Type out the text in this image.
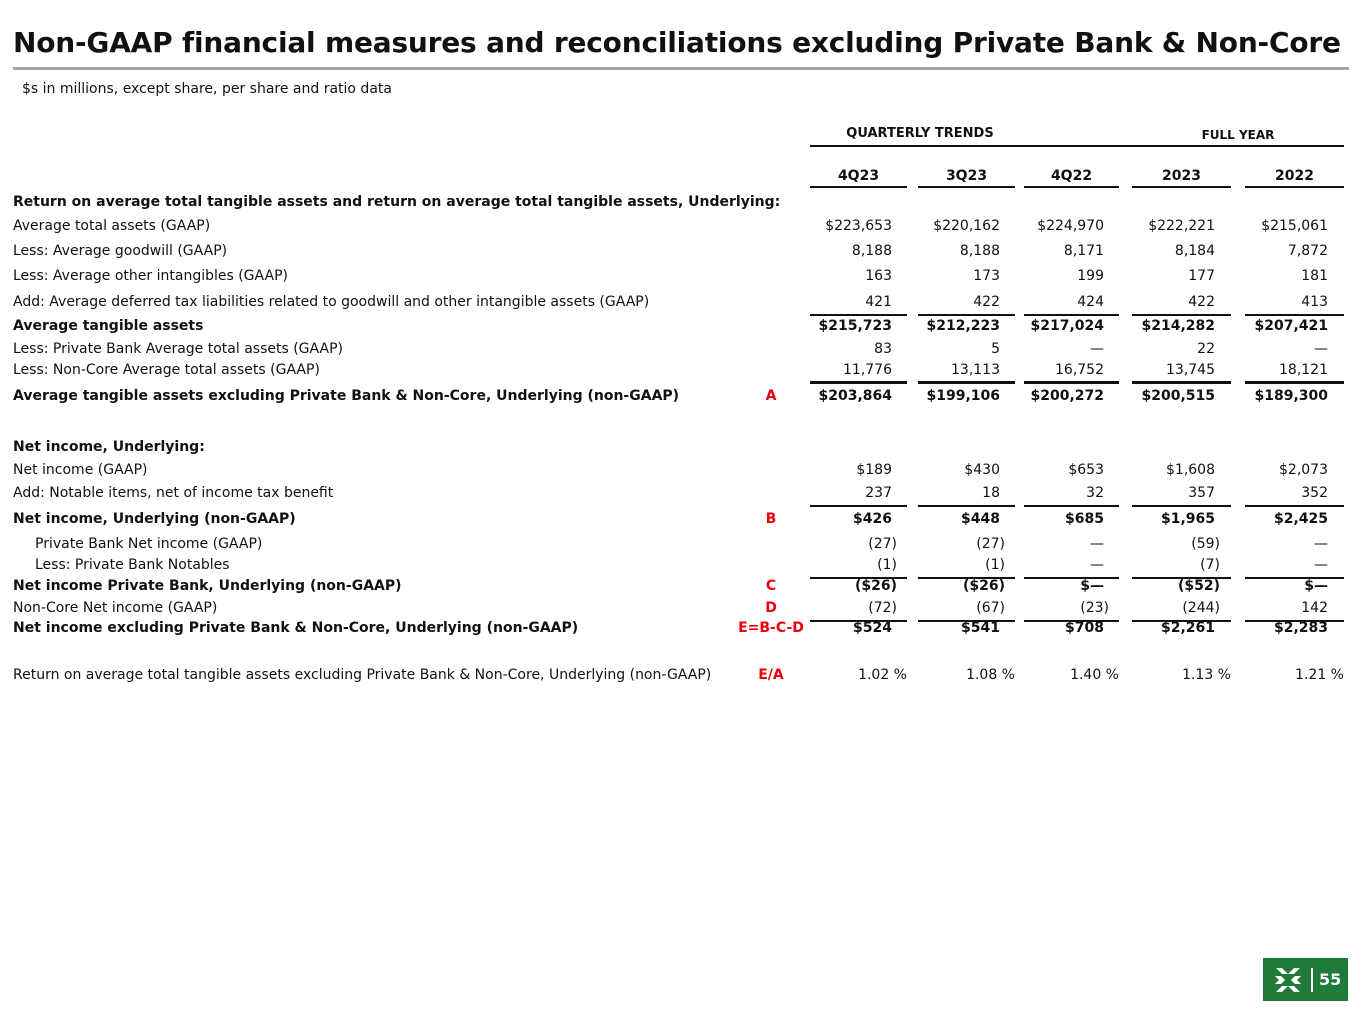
Non-GAAP financial measures and reconciliations excluding Private Bank & Non-Core
$s in millions, except share, per share and ratio data
QUARTERLY TRENDS	FULL YEAR
4Q23	3Q23	4Q22	2023	2022
Return on average total tangible assets and return on average total tangible assets, Underlying:
Average total assets (GAAP)	$223,653	$220,162	$224,970	$222,221	$215,061
Less: Average goodwill (GAAP)	8,188	8,188	8,171	8,184	7,872
Less: Average other intangibles (GAAP)	163	173	199	177	181
Add: Average deferred tax liabilities related to goodwill and other intangible assets (GAAP)	421	422	424	422	413
Average tangible assets	$215,723 $212,223 $217,024	$214,282	$207,421
Less: Private Bank Average total assets (GAAP)	83	5	—	22	—
Less: Non-Core Average total assets (GAAP)	11,776	13,113	16,752	13,745	18,121
Average tangible assets excluding Private Bank & Non-Core, Underlying (non-GAAP)	A	$203,864 $199,106 $200,272	$200,515	$189,300
Net income, Underlying:
Net income (GAAP)	$189	$430	$653	$1,608	$2,073
Add: Notable items, net of income tax benefit	237	18	32	357	352
Net income, Underlying (non-GAAP)	B	$426	$448	$685	$1,965	$2,425
Private Bank Net income (GAAP)	(27)	(27)	—	(59)	—
Less: Private Bank Notables	(1)	(1)	—	(7)	—
Net income Private Bank, Underlying (non-GAAP)	C	($26)	($26)	$—	($52)	$—
Non-Core Net income (GAAP)	D	(72)	(67)	(23)	(244)	142
Net income excluding Private Bank & Non-Core, Underlying (non-GAAP)	E=B-C-D	$524	$541	$708	$2,261	$2,283
Return on average total tangible assets excluding Private Bank & Non-Core, Underlying (non-GAAP)	E/A	1.02 %	1.08 %	1.40 %	1.13 %	1.21 %
55
